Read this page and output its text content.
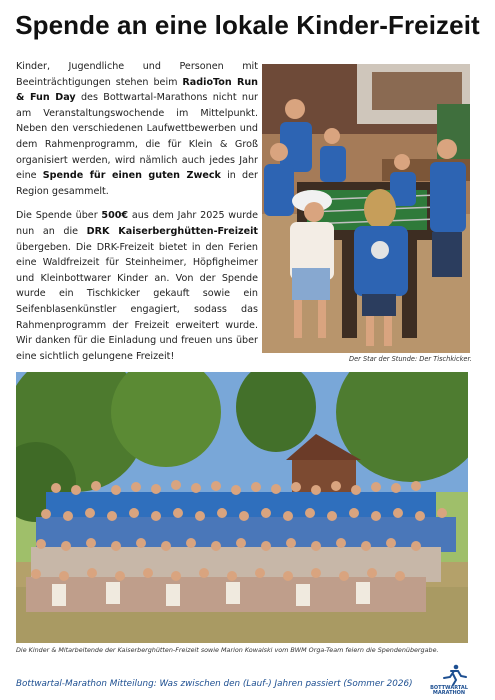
Spende an eine lokale Kinder-Freizeit

Kinder, Jugendliche und Personen mit Beeinträchtigungen stehen beim RadioTon Run & Fun Day des Bottwartal-Marathons nicht nur am Veranstaltungswochende im Mittelpunkt. Neben den verschiedenen Laufwettbewerben und dem Rahmenprogramm, die für Klein & Groß organisiert werden, wird nämlich auch jedes Jahr eine Spende für einen guten Zweck in der Region gesammelt.

Die Spende über 500€ aus dem Jahr 2025 wurde nun an die DRK Kaiserberghütten-Freizeit übergeben. Die DRK-Freizeit bietet in den Ferien eine Waldfreizeit für Steinheimer, Höpfigheimer und Kleinbottwarer Kinder an. Von der Spende wurde ein Tischkicker gekauft sowie ein Seifenblasenkünstler engagiert, sodass das Rahmenprogramm der Freizeit erweitert wurde. Wir danken für die Einladung und freuen uns über eine sichtlich gelungene Freizeit!	Der Star der Stunde: Der Tischkicker.
Die Kinder & Mitarbeitende der Kaiserberghütten-Freizeit sowie Marion Kowalski vom BWM Orga-Team feiern die Spendenübergabe.
Bottwartal-Marathon Mitteilung: Was zwischen den (Lauf-) Jahren passiert (Sommer 2026)	BOTTWARTAL
MARATHON
